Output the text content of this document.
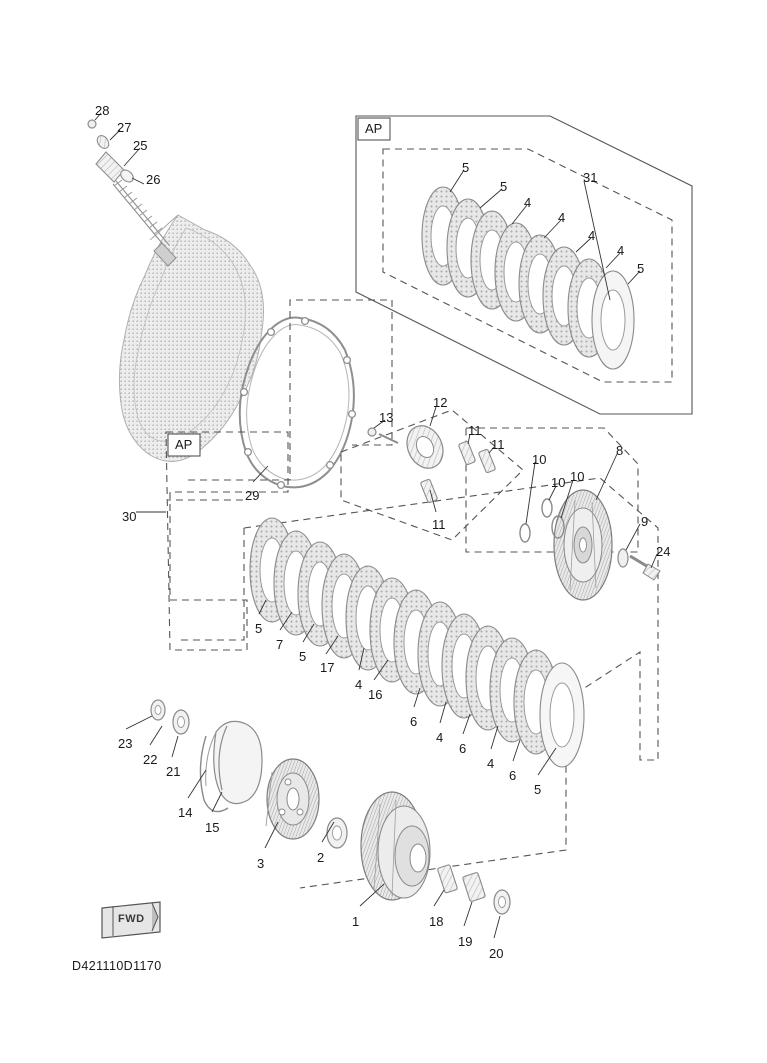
AP
AP
FWD
D421110D1170
28
27
25
26
29
30
13
12
11
11
11
10
10 10
8
9
24
31
5
5
4
4
4
4
5
5
7
5
17
4
16
6
4
6
4
6
5
23
22
21
14
15
3	2
1	18
19
20
